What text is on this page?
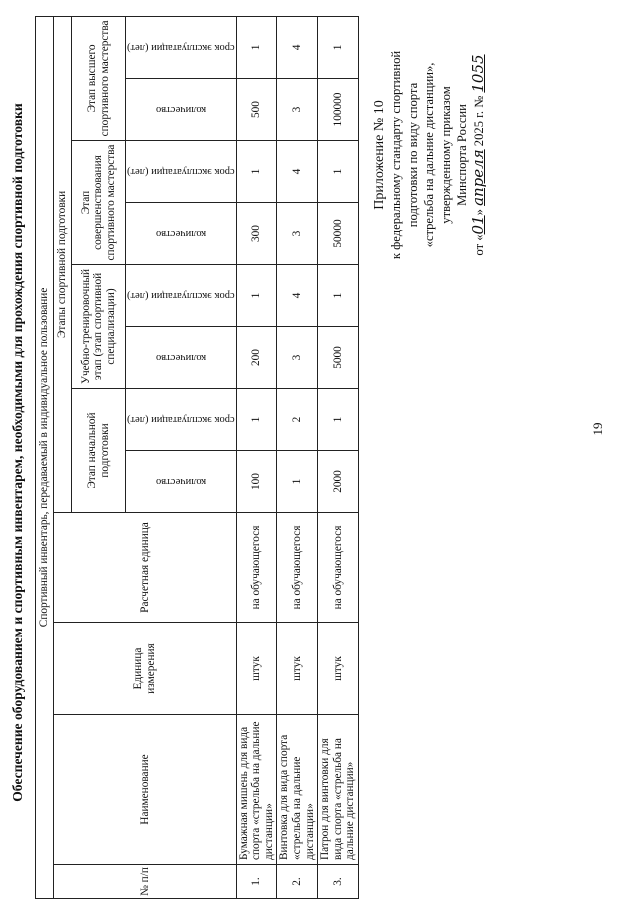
19
Приложение № 10 к федеральному стандарту спортивной подготовки по виду спорта «стрельба на дальние дистанции», утвержденному приказом Минспорта России
от «01» апреля 2025 г. № 1055
Обеспечение оборудованием и спортивным инвентарем, необходимыми для прохождения спортивной подготовки Спортивный инвентарь, передаваемый в индивидуальное пользование											
№ п/п	Наименование	Единица измерения	Расчетная единица	Этапы спортивной подготовки							
				Этап начальной подготовки		Учебно-тренировочный этап (этап спортивной специализации)		Этап совершенствования спортивного мастерства		Этап высшего спортивного мастерства	

				количество	срок эксплуатации (лет)	количество	срок эксплуатации (лет)	количество	срок эксплуатации (лет)	количество	срок эксплуатации (лет)

1.	Бумажная мишень для вида спорта «стрельба на дальние дистанции»	штук	на обучающегося	100	1	200	1	300	1	500	1
2.	Винтовка для вида спорта «стрельба на дальние дистанции»	штук	на обучающегося	1	2	3	4	3	4	3	4
3.	Патрон для винтовки для вида спорта «стрельба на дальние дистанции»	штук	на обучающегося	2000	1	5000	1	50000	1	100000	1
